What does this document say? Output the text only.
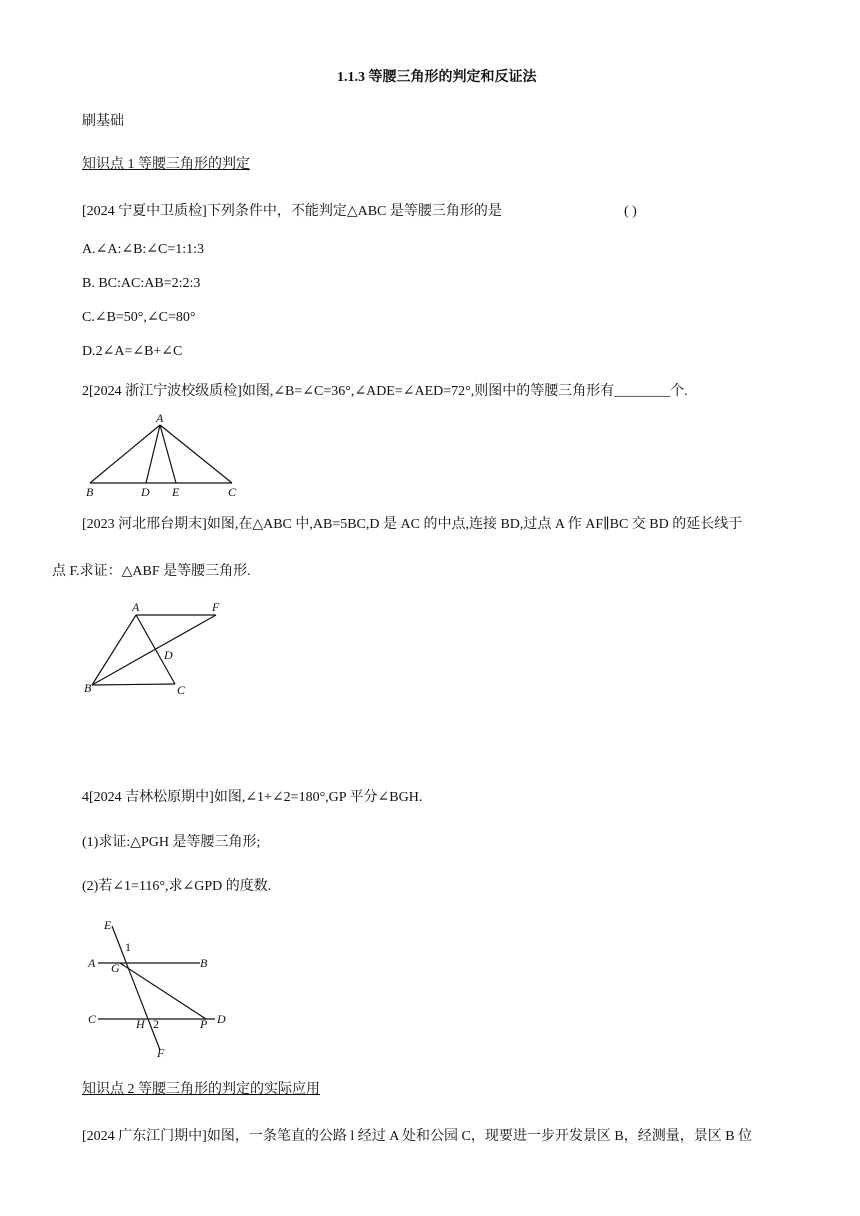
1.1.3 等腰三角形的判定和反证法
刷基础
知识点 1 等腰三角形的判定
[2024 宁夏中卫质检]下列条件中，不能判定△ABC 是等腰三角形的是	( )
A.∠A:∠B:∠C=1:1:3
B. BC:AC:AB=2:2:3
C.∠B=50°,∠C=80°
D.2∠A=∠B+∠C
2[2024 浙江宁波校级质检]如图,∠B=∠C=36°,∠ADE=∠AED=72°,则图中的等腰三角形有________个.
A
B	D E	C
[2023 河北邢台期末]如图,在△ABC 中,AB=5BC,D 是 AC 的中点,连接 BD,过点 A 作 AF∥BC 交 BD 的延长线于
点 F.求证：△ABF 是等腰三角形.
A	F
D
B	C
4[2024 吉林松原期中]如图,∠1+∠2=180°,GP 平分∠BGH.
(1)求证:△PGH 是等腰三角形;
(2)若∠1=116°,求∠GPD 的度数.
E
1
A G	B
C	H 2	P D
F
知识点 2 等腰三角形的判定的实际应用
[2024 广东江门期中]如图，一条笔直的公路 l 经过 A 处和公园 C，现要进一步开发景区 B，经测量，景区 B 位
